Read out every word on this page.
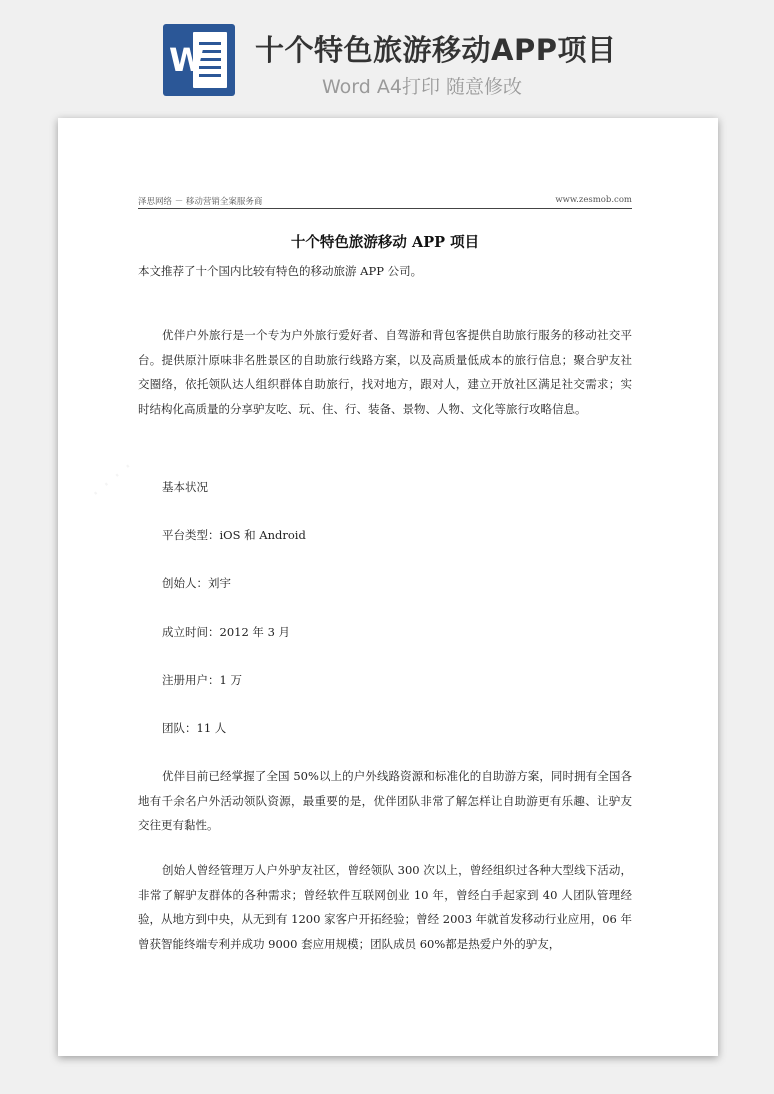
W 十个特色旅游移动APP项目
Word A4打印 随意修改
泽思网络 － 移动营销全案服务商	www.zesmob.com
十个特色旅游移动 APP 项目
本文推荐了十个国内比较有特色的移动旅游 APP 公司。

优伴户外旅行是一个专为户外旅行爱好者、自驾游和背包客提供自助旅行服务的移动社交平台。提供原汁原味非名胜景区的自助旅行线路方案，以及高质量低成本的旅行信息；聚合驴友社交圈络，依托领队达人组织群体自助旅行，找对地方，跟对人，建立开放社区满足社交需求；实时结构化高质量的分享驴友吃、玩、住、行、装备、景物、人物、文化等旅行攻略信息。

基本状况
平台类型：iOS 和 Android
创始人：刘宇
成立时间：2012 年 3 月
注册用户：1 万
团队：11 人

优伴目前已经掌握了全国 50%以上的户外线路资源和标准化的自助游方案，同时拥有全国各地有千余名户外活动领队资源，最重要的是，优伴团队非常了解怎样让自助游更有乐趣、让驴友交往更有黏性。

创始人曾经管理万人户外驴友社区，曾经领队 300 次以上，曾经组织过各种大型线下活动，非常了解驴友群体的各种需求；曾经软件互联网创业 10 年，曾经白手起家到 40 人团队管理经验，从地方到中央，从无到有 1200 家客户开拓经验；曾经 2003 年就首发移动行业应用，06 年曾获智能终端专利并成功 9000 套应用规模；团队成员 60%都是热爱户外的驴友，
